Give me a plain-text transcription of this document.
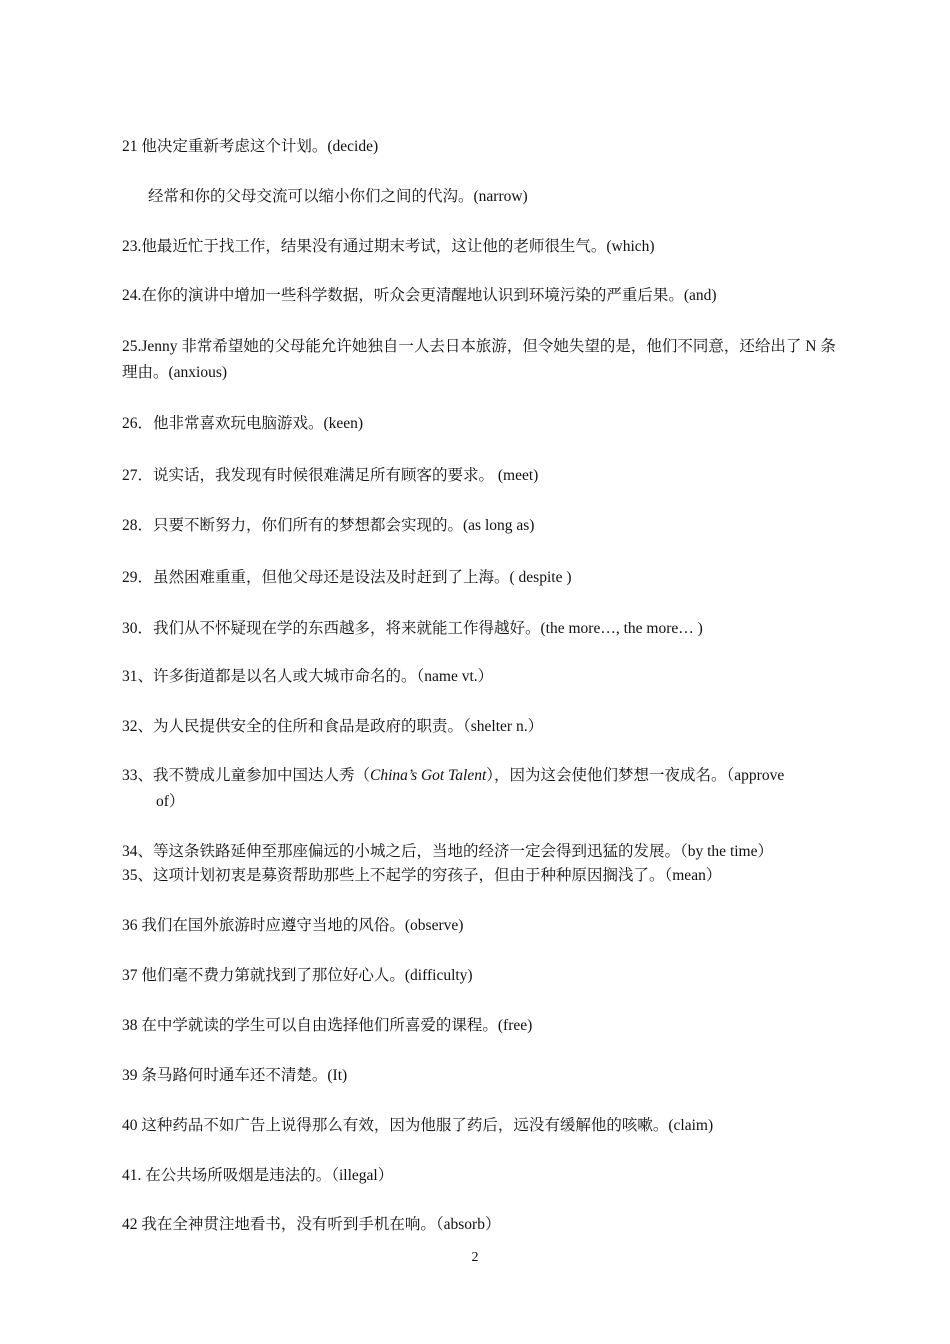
21 他决定重新考虑这个计划。(decide)
经常和你的父母交流可以缩小你们之间的代沟。(narrow)
23.他最近忙于找工作，结果没有通过期末考试，这让他的老师很生气。(which)
24.在你的演讲中增加一些科学数据，听众会更清醒地认识到环境污染的严重后果。(and)
25.Jenny 非常希望她的父母能允许她独自一人去日本旅游，但令她失望的是，他们不同意，还给出了 N 条理由。(anxious)
26．他非常喜欢玩电脑游戏。(keen)
27．说实话，我发现有时候很难满足所有顾客的要求。 (meet)
28．只要不断努力，你们所有的梦想都会实现的。(as long as)
29．虽然困难重重，但他父母还是设法及时赶到了上海。( despite )
30．我们从不怀疑现在学的东西越多，将来就能工作得越好。(the more…, the more… )
31、许多街道都是以名人或大城市命名的。（name vt.）
32、为人民提供安全的住所和食品是政府的职责。（shelter n.）
33、我不赞成儿童参加中国达人秀（China’s Got Talent），因为这会使他们梦想一夜成名。（approve
of）
34、等这条铁路延伸至那座偏远的小城之后，当地的经济一定会得到迅猛的发展。（by the time）
35、这项计划初衷是募资帮助那些上不起学的穷孩子，但由于种种原因搁浅了。（mean）
36 我们在国外旅游时应遵守当地的风俗。(observe)
37 他们毫不费力第就找到了那位好心人。(difficulty)
38 在中学就读的学生可以自由选择他们所喜爱的课程。(free)
39 条马路何时通车还不清楚。(It)
40 这种药品不如广告上说得那么有效，因为他服了药后，远没有缓解他的咳嗽。(claim)
41. 在公共场所吸烟是违法的。（illegal）
42 我在全神贯注地看书，没有听到手机在响。（absorb）
2
